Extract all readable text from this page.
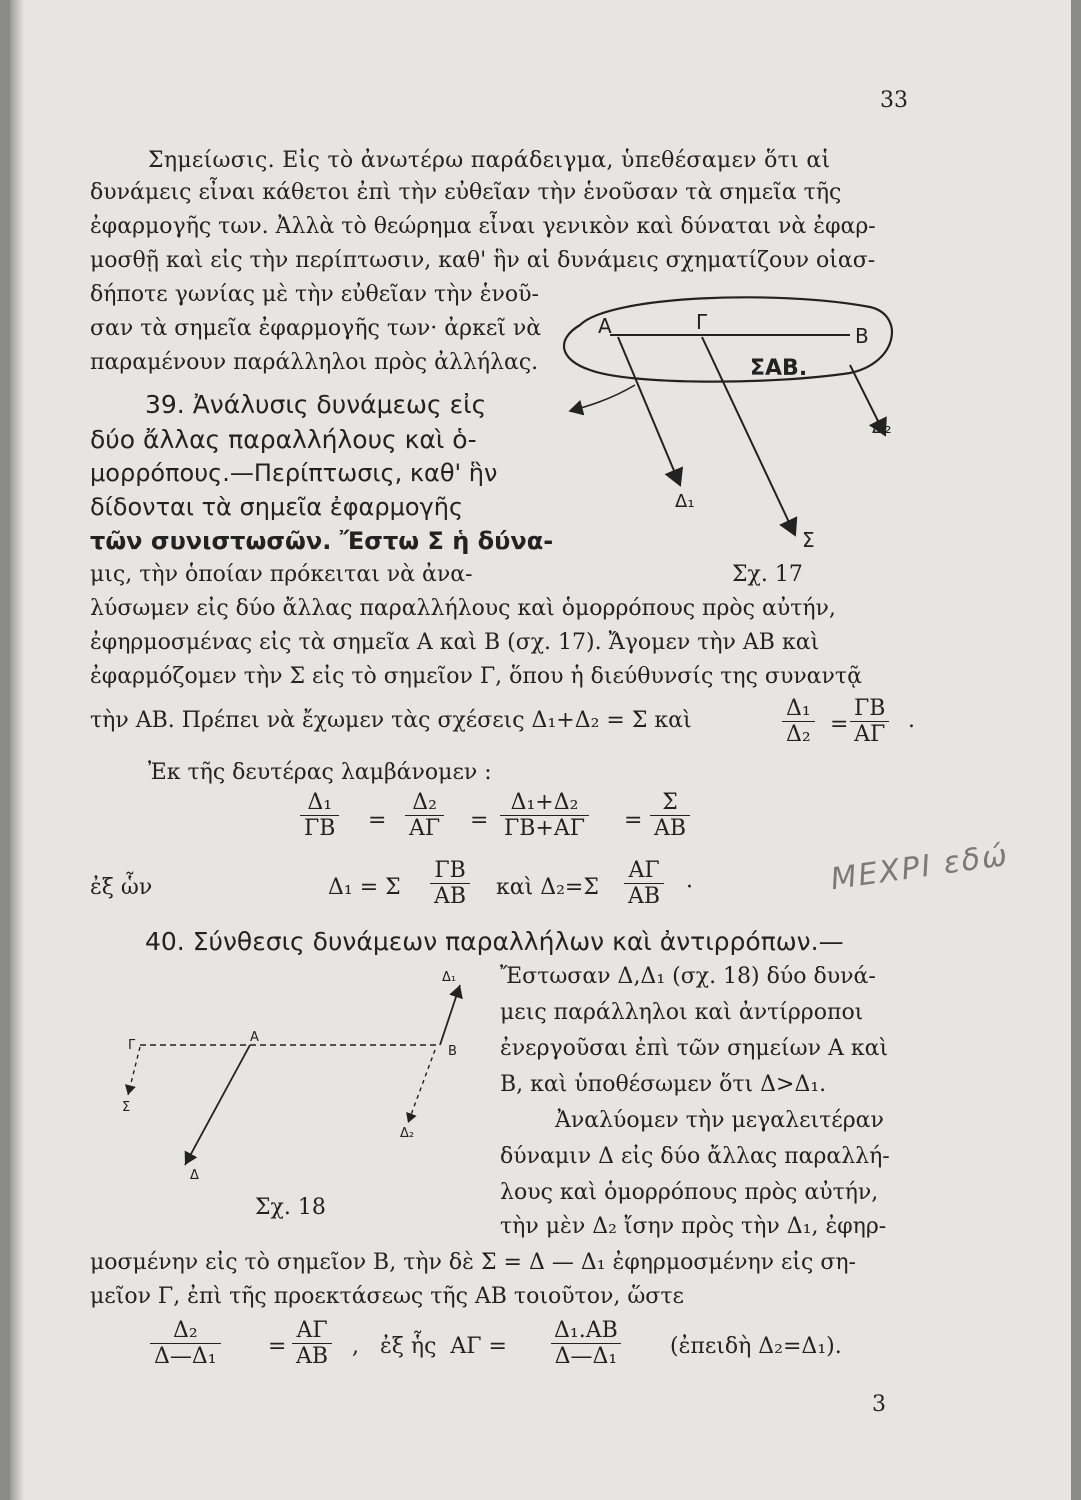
33
Σημείωσις. Εἰς τὸ ἀνωτέρω παράδειγμα, ὑπεθέσαμεν ὅτι αἱ
δυνάμεις εἶναι κάθετοι ἐπὶ τὴν εὐθεῖαν τὴν ἑνοῦσαν τὰ σημεῖα τῆς
ἐφαρμογῆς των. Ἀλλὰ τὸ θεώρημα εἶναι γενικὸν καὶ δύναται νὰ ἐφαρ-
μοσθῇ καὶ εἰς τὴν περίπτωσιν, καθ' ἣν αἱ δυνάμεις σχηματίζουν οἱασ-
δήποτε γωνίας μὲ τὴν εὐθεῖαν τὴν ἑνοῦ-
σαν τὰ σημεῖα ἐφαρμογῆς των· ἀρκεῖ νὰ
παραμένουν παράλληλοι πρὸς ἀλλήλας.
39. Ἀνάλυσις δυνάμεως εἰς
δύο ἄλλας παραλλήλους καὶ ὁ-
μορρόπους.—Περίπτωσις, καθ' ἣν
δίδονται τὰ σημεῖα ἐφαρμογῆς
τῶν συνιστωσῶν. Ἔστω Σ ἡ δύνα-
μις, τὴν ὁποίαν πρόκειται νὰ ἀνα-
λύσωμεν εἰς δύο ἄλλας παραλλήλους καὶ ὁμορρόπους πρὸς αὐτήν,
ἐφηρμοσμένας εἰς τὰ σημεῖα Α καὶ Β (σχ. 17). Ἄγομεν τὴν ΑΒ καὶ
ἐφαρμόζομεν τὴν Σ εἰς τὸ σημεῖον Γ, ὅπου ἡ διεύθυνσίς της συναντᾷ
τὴν ΑΒ. Πρέπει νὰ ἔχωμεν τὰς σχέσεις Δ₁+Δ₂ = Σ καὶ	$\frac{\text{Δ₁}}{\text{Δ₂}} = \frac{\Gamma B}{A\Gamma}$ .
Ἐκ τῆς δευτέρας λαμβάνομεν :
$\frac{\text{Δ₁}}{\Gamma B} = \frac{\text{Δ₂}}{A\Gamma} = \frac{\text{Δ₁+Δ₂}}{\Gamma B+A\Gamma} = \frac{\Sigma}{AB}$
ἐξ ὧν	Δ₁ = Σ $\frac{\Gamma B}{AB}$ καὶ $\Delta_2=\Sigma \frac{A\Gamma}{AB}$ ·	ΜΕΧΡΙ εδώ
40. Σύνθεσις δυνάμεων παραλλήλων καὶ ἀντιρρόπων.—
Ἔστωσαν Δ,Δ₁ (σχ. 18) δύο δυνά-
μεις παράλληλοι καὶ ἀντίρροποι
ἐνεργοῦσαι ἐπὶ τῶν σημείων Α καὶ
Β, καὶ ὑποθέσωμεν ὅτι Δ>Δ₁.
Ἀναλύομεν τὴν μεγαλειτέραν
δύναμιν Δ εἰς δύο ἄλλας παραλλή-
λους καὶ ὁμορρόπους πρὸς αὐτήν,
τὴν μὲν Δ₂ ἴσην πρὸς τὴν Δ₁, ἐφηρ-
μοσμένην εἰς τὸ σημεῖον Β, τὴν δὲ Σ = Δ — Δ₁ ἐφηρμοσμένην εἰς ση-
μεῖον Γ, ἐπὶ τῆς προεκτάσεως τῆς ΑΒ τοιοῦτον, ὥστε
$\frac{\text{Δ₂}}{\text{Δ—Δ₁}} = \frac{A\Gamma}{AB}$ ,   ἐξ ἧς  $A\Gamma = \frac{\text{Δ₁.ΑΒ}}{\text{Δ—Δ₁}}$ (ἐπειδὴ Δ₂=Δ₁).
3
Α	Γ
Β
ΣΑΒ.
Δ₁
Δ₂
Σ
Σχ. 17
Γ
Α
Β
Δ₁
Δ₂
Σ
Δ
Σχ. 18
